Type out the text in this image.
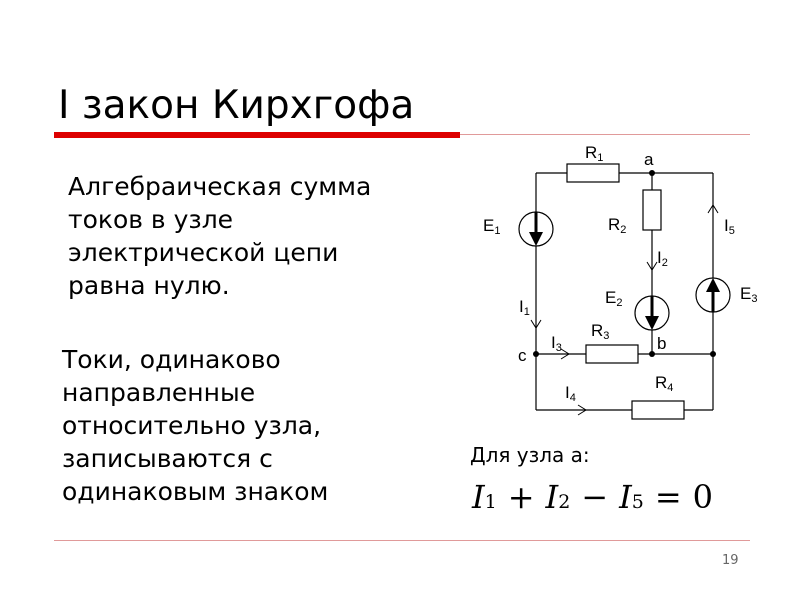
I закон Кирхгофа
Алгебраическая сумма
токов в узле
электрической цепи
равна нулю.
Токи, одинаково
направленные
относительно узла,
записываются с
одинаковым знаком
Для узла а:
I 1 + I 2 − I 5 = 0
19
R1 a
R2
E1	I5
I2
E2	E3
I1
R3
I3	b
c
R4
I4
